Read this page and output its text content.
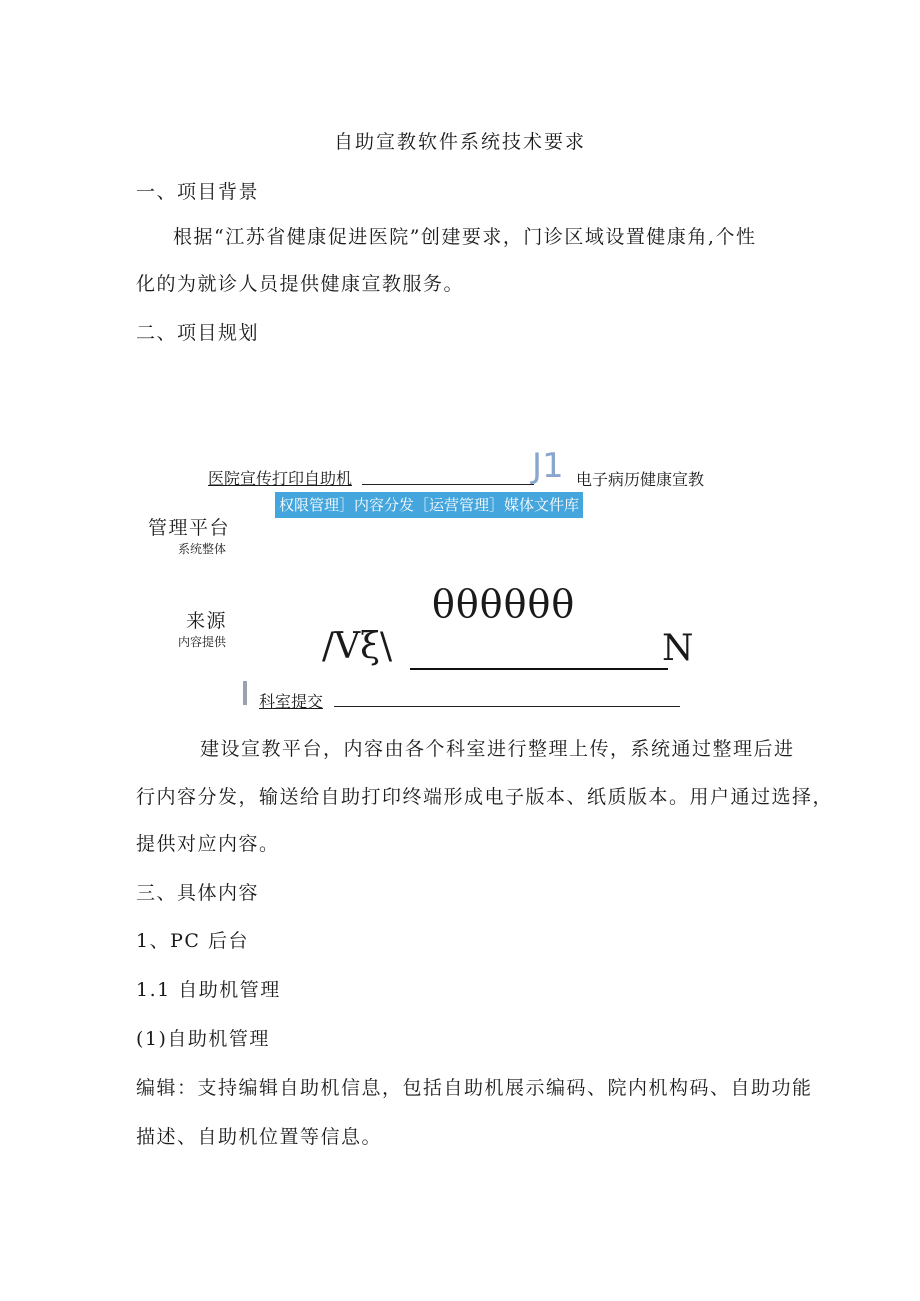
自助宣教软件系统技术要求
一、项目背景
根据“江苏省健康促进医院”创建要求，门诊区域设置健康角,个性
化的为就诊人员提供健康宣教服务。
二、项目规划
医院宣传打印自助机	J1 电子病历健康宣教
权限管理］内容分发［运营管理］媒体文件库
管理平台
系统整体
θθθθθθ
来源
内容提供	/Vξ\	N
科室提交
建设宣教平台，内容由各个科室进行整理上传，系统通过整理后进
行内容分发，输送给自助打印终端形成电子版本、纸质版本。用户通过选择，
提供对应内容。
三、具体内容
1、PC 后台
1.1 自助机管理
(1)自助机管理
编辑：支持编辑自助机信息，包括自助机展示编码、院内机构码、自助功能
描述、自助机位置等信息。
